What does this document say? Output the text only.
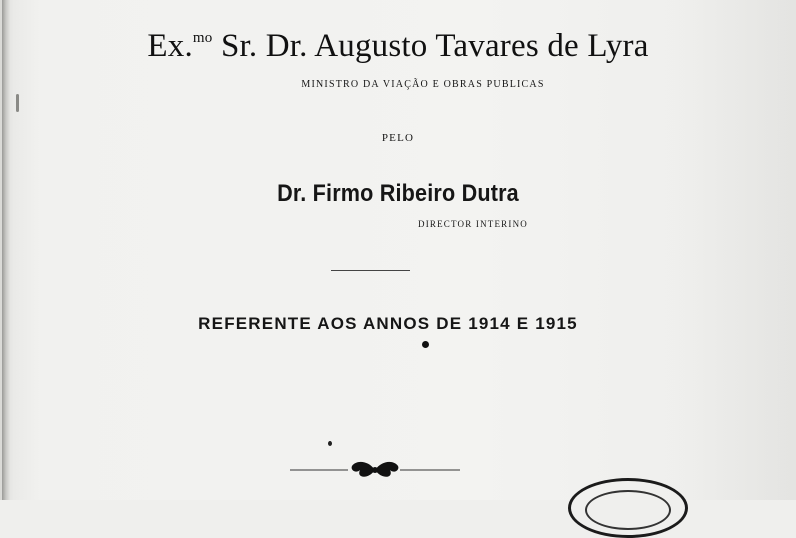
Ex.$^{mo}$ Sr. Dr. Augusto Tavares de Lyra
MINISTRO DA VIAÇÃO E OBRAS PUBLICAS
PELO
Dr. Firmo Ribeiro Dutra
DIRECTOR INTERINO
REFERENTE AOS ANNOS DE 1914 E 1915
